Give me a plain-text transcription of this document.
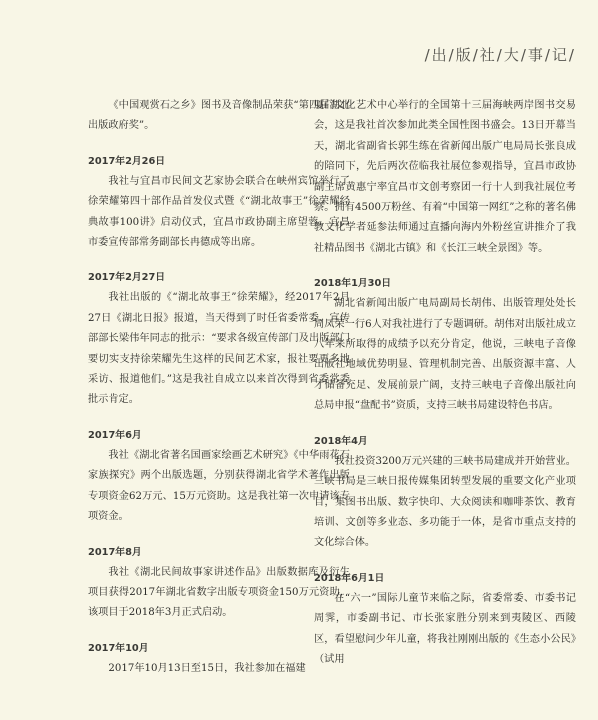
/出/版/社/大/事/记/

《中国观赏石之乡》图书及音像制品荣获“第四届湖北出版政府奖”。

2017年2月26日

我社与宜昌市民间文艺家协会联合在峡州宾馆举行了徐荣耀第四十部作品首发仪式暨《“湖北故事王”徐荣耀经典故事100讲》启动仪式，宜昌市政协副主席望蓉、宜昌市委宣传部常务副部长冉德成等出席。

2017年2月27日

我社出版的《“湖北故事王”徐荣耀》，经2017年2月27日《湖北日报》报道，当天得到了时任省委常委、宣传部部长梁伟年同志的批示：“要求各级宣传部门及出版部门要切实支持徐荣耀先生这样的民间艺术家，报社要更多地采访、报道他们。”这是我社自成立以来首次得到省委常委批示肯定。

2017年6月

我社《湖北省著名国画家绘画艺术研究》《中华雨花石家族探究》两个出版选题，分别获得湖北省学术著作出版专项资金62万元、15万元资助。这是我社第一次申请该专项资金。

2017年8月

我社《湖北民间故事家讲述作品》出版数据库及衍生项目获得2017年湖北省数字出版专项资金150万元资助，该项目于2018年3月正式启动。

2017年10月

2017年10月13日至15日，我社参加在福建

厦门文化艺术中心举行的全国第十三届海峡两岸图书交易会，这是我社首次参加此类全国性图书盛会。13日开幕当天，湖北省副省长郭生练在省新闻出版广电局局长张良成的陪同下，先后两次莅临我社展位参观指导，宜昌市政协副主席黄惠宁率宜昌市文创考察团一行十人到我社展位考察。拥有4500万粉丝、有着“中国第一网红”之称的著名佛教文化学者延参法师通过直播向海内外粉丝宣讲推介了我社精品图书《湖北古镇》和《长江三峡全景图》等。

2018年1月30日

湖北省新闻出版广电局副局长胡伟、出版管理处处长周凤荣一行6人对我社进行了专题调研。胡伟对出版社成立八年来所取得的成绩予以充分肯定，他说，三峡电子音像出版社地域优势明显、管理机制完善、出版资源丰富、人才储备充足、发展前景广阔，支持三峡电子音像出版社向总局申报“盘配书”资质，支持三峡书局建设特色书店。

2018年4月

我社投资3200万元兴建的三峡书局建成并开始营业。三峡书局是三峡日报传媒集团转型发展的重要文化产业项目，集图书出版、数字快印、大众阅读和咖啡茶饮、教育培训、文创等多业态、多功能于一体，是省市重点支持的文化综合体。

2018年6月1日

在“六一”国际儿童节来临之际，省委常委、市委书记周霁，市委副书记、市长张家胜分别来到夷陵区、西陵区，看望慰问少年儿童，将我社刚刚出版的《生态小公民》（试用
